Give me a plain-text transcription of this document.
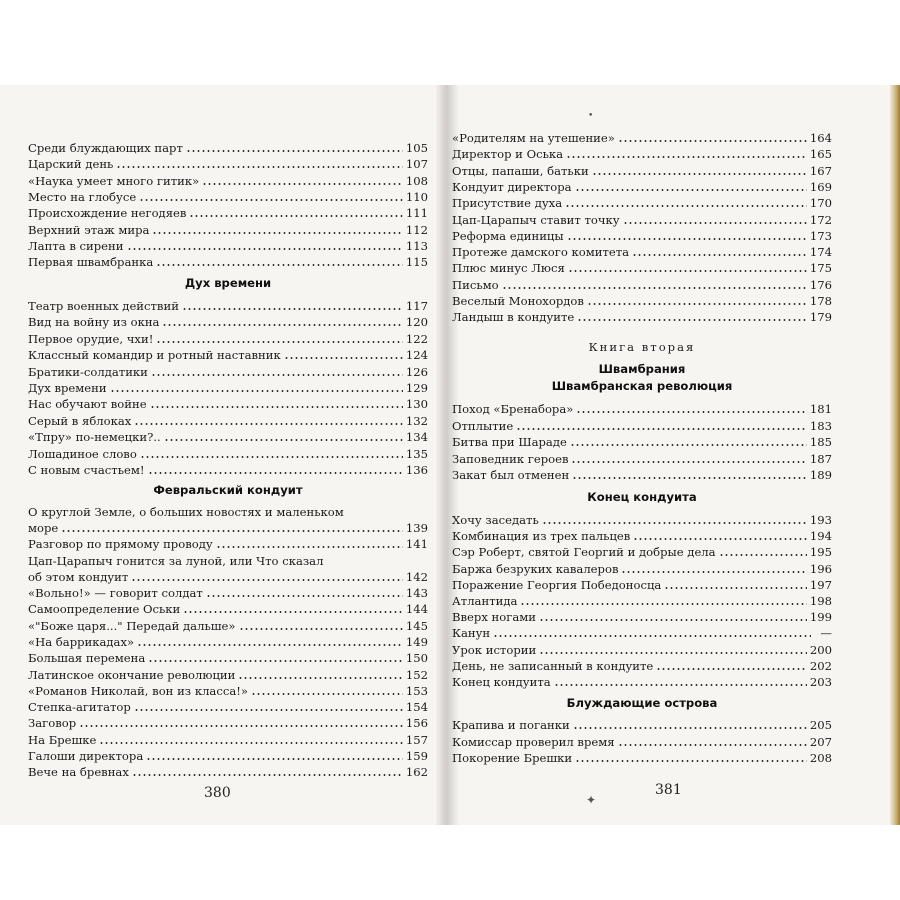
Дух времени
Февральский кондуит
О круглой Земле, о больших новостях и маленьком
море	139
Разговор по прямому проводу	141
Цап-Царапыч гонится за луной, или Что сказал
об этом кондуит	142
380
Среди блуждающих парт	105
Царский день	107
«Наука умеет много гитик»	108
Место на глобусе	110
Происхождение негодяев	111
Верхний этаж мира	112
Лапта в сирени	113
Первая швамбранка	115
Театр военных действий	117
Вид на войну из окна	120
Первое орудие, чхи!	122
Классный командир и ротный наставник	124
Братики-солдатики	126
Дух времени	129
Нас обучают войне	130
Серый в яблоках	132
«Тпру» по-немецки?..	134
Лошадиное слово	135
С новым счастьем!	136
«Вольно!» — говорит солдат	143
Самоопределение Оськи	144
«"Боже царя..." Передай дальше»	145
«На баррикадах»	149
Большая перемена	150
Латинское окончание революции	152
«Романов Николай, вон из класса!»	153
Степка-агитатор	154
Заговор	156
На Брешке	157
Галоши директора	159
Вече на бревнах	162
Книга вторая
Швамбрания
Швамбранская революция
Конец кондуита
Блуждающие острова
381
«Родителям на утешение»	164
Директор и Оська	165
Отцы, папаши, батьки	167
Кондуит директора	169
Присутствие духа	170
Цап-Царапыч ставит точку	172
Реформа единицы	173
Протеже дамского комитета	174
Плюс минус Люся	175
Письмо	176
Веселый Монохордов	178
Ландыш в кондуите	179
Поход «Бренабора»	181
Отплытие	183
Битва при Шараде	185
Заповедник героев	187
Закат был отменен	189
Хочу заседать	193
Комбинация из трех пальцев	194
Сэр Роберт, святой Георгий и добрые дела	195
Баржа безруких кавалеров	196
Поражение Георгия Победоносца	197
Атлантида	198
Вверх ногами	199
Канун	—
Урок истории	200
День, не записанный в кондуите	202
Конец кондуита	203
Крапива и поганки	205
Комиссар проверил время	207
Покорение Брешки	208
•
✦
